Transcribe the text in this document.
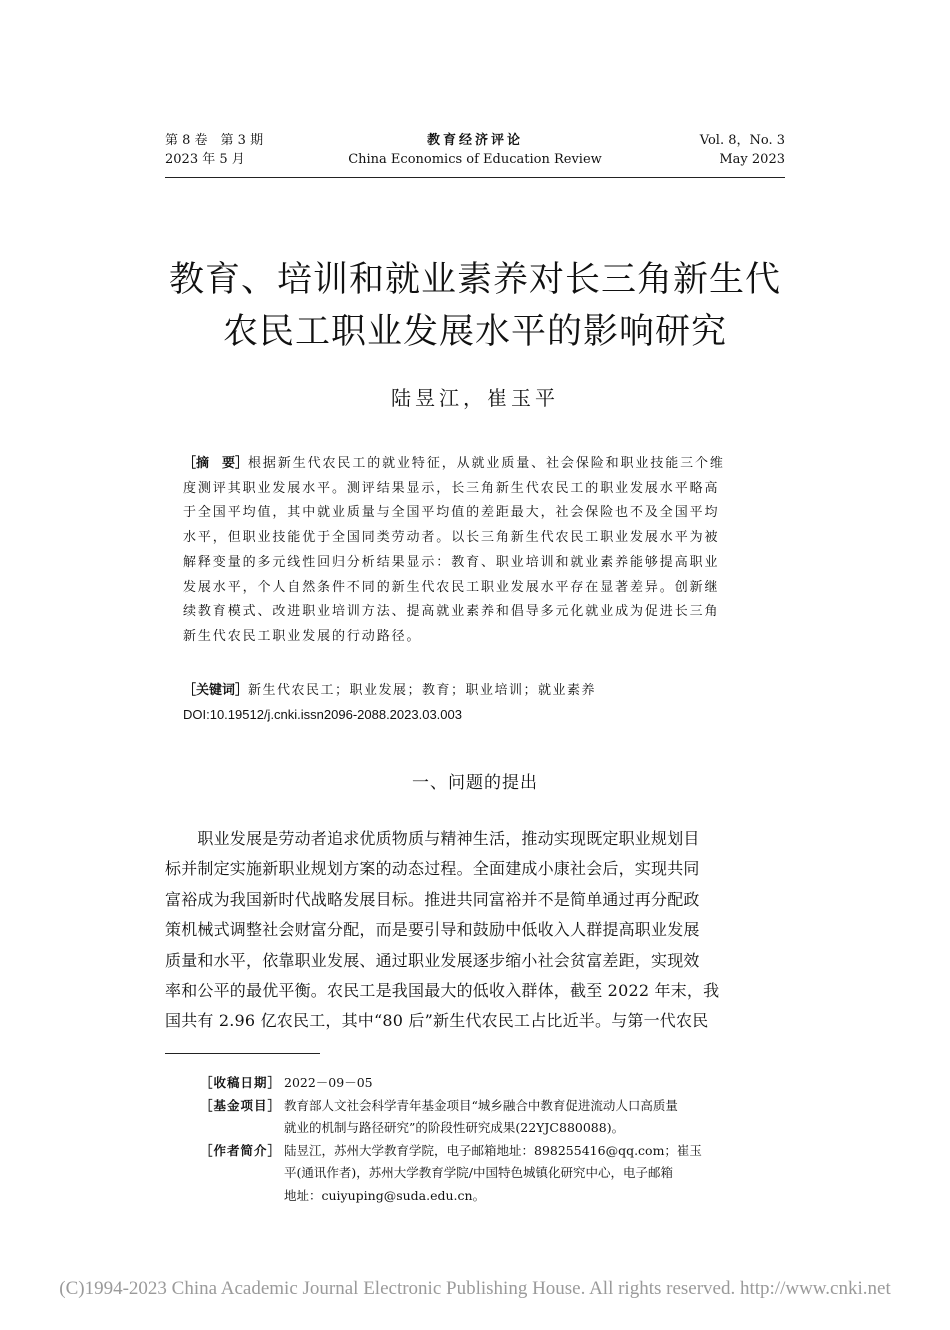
第 8 卷　第 3 期
2023 年 5 月
教育经济评论
China Economics of Education Review
Vol. 8，No. 3
May 2023
教育、培训和就业素养对长三角新生代
农民工职业发展水平的影响研究
陆昱江，崔玉平
［摘　要］根据新生代农民工的就业特征，从就业质量、社会保险和职业技能三个维
度测评其职业发展水平。测评结果显示，长三角新生代农民工的职业发展水平略高
于全国平均值，其中就业质量与全国平均值的差距最大，社会保险也不及全国平均
水平，但职业技能优于全国同类劳动者。以长三角新生代农民工职业发展水平为被
解释变量的多元线性回归分析结果显示：教育、职业培训和就业素养能够提高职业
发展水平，个人自然条件不同的新生代农民工职业发展水平存在显著差异。创新继
续教育模式、改进职业培训方法、提高就业素养和倡导多元化就业成为促进长三角
新生代农民工职业发展的行动路径。
［关键词］新生代农民工；职业发展；教育；职业培训；就业素养
DOI:10.19512/j.cnki.issn2096-2088.2023.03.003
一、问题的提出
　　职业发展是劳动者追求优质物质与精神生活，推动实现既定职业规划目
标并制定实施新职业规划方案的动态过程。全面建成小康社会后，实现共同
富裕成为我国新时代战略发展目标。推进共同富裕并不是简单通过再分配政
策机械式调整社会财富分配，而是要引导和鼓励中低收入人群提高职业发展
质量和水平，依靠职业发展、通过职业发展逐步缩小社会贫富差距，实现效
率和公平的最优平衡。农民工是我国最大的低收入群体，截至 2022 年末，我
国共有 2.96 亿农民工，其中“80 后”新生代农民工占比近半。与第一代农民
［收稿日期］ 2022－09－05
［基金项目］ 教育部人文社会科学青年基金项目“城乡融合中教育促进流动人口高质量
就业的机制与路径研究”的阶段性研究成果(22YJC880088)。
［作者简介］ 陆昱江，苏州大学教育学院，电子邮箱地址：898255416@qq.com；崔玉
平(通讯作者)，苏州大学教育学院/中国特色城镇化研究中心，电子邮箱
地址：cuiyuping@suda.edu.cn。
(C)1994-2023 China Academic Journal Electronic Publishing House. All rights reserved. http://www.cnki.net
